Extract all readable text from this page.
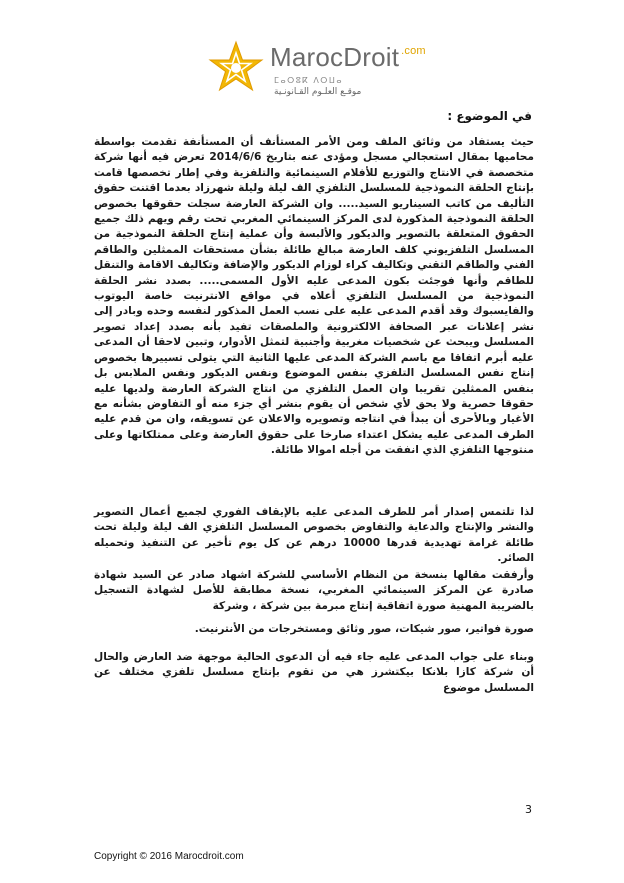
MarocDroit $^{.com}$
ⵎⴰⵔⵓⴽ ⴷⵔⵡⴰ
موقـع العلـوم القـانونـية
في الموضوع :
حيث يستفاد من وثائق الملف ومن الأمر المستأنف أن المستأنفة تقدمت بواسطة محاميها بمقال استعجالي مسجل ومؤدى عنه بتاريخ 2014/6/6 تعرض فيه أنها شركة متخصصة في الانتاج والتوزيع للأفلام السينمائية والتلفزية وفي إطار تخصصها قامت بإنتاج الحلقة النموذجية للمسلسل التلفزي الف ليلة وليلة شهرزاد بعدما اقتنت حقوق التأليف من كاتب السيناريو السيد..... وان الشركة العارضة سجلت حقوقها بخصوص الحلقة النموذجية المذكورة لدى المركز السينمائي المغربي تحت رقم ويهم ذلك جميع الحقوق المتعلقة بالتصوير والديكور والألبسة وأن عملية إنتاج الحلقة النموذجية من المسلسل التلفزيوني كلف العارضة مبالغ طائلة بشأن مستحقات الممثلين والطاقم الفني والطاقم التقني وتكاليف كراء لوزام الديكور والإضافة وتكاليف الاقامة والتنقل للطاقم وأنها فوجئت بكون المدعى عليه الأول المسمى..... بصدد نشر الحلقة النموذجية من المسلسل التلفزي أعلاه في مواقع الانترنيت خاصة اليوتوب والفايسبوك وقد أقدم المدعى عليه على نسب العمل المذكور لنفسه وحده وبادر إلى نشر إعلانات عبر الصحافة الالكترونية والملصقات تفيد بأنه بصدد إعداد تصوير المسلسل ويبحث عن شخصيات مغربية وأجنبية لتمثل الأدوار، وتبين لاحقا أن المدعى عليه أبرم اتفاقا مع باسم الشركة المدعى عليها الثانية التي يتولى تسييرها بخصوص إنتاج نفس المسلسل التلفزي بنفس الموضوع ونفس الديكور ونفس الملابس بل بنفس الممثلين تقريبا وان العمل التلفزي من انتاج الشركة العارضة ولديها عليه حقوقا حصرية ولا يحق لأي شخص أن يقوم بنشر أي جزء منه أو التفاوض بشأنه مع الأغيار وبالأحرى أن يبدأ في انتاجه وتصويره والاعلان عن تسويقه، وان من قدم عليه الطرف المدعى عليه يشكل اعتداء صارخا على حقوق العارضة وعلى ممتلكاتها وعلى منتوجها التلفزي الذي انفقت من أجله اموالا طائلة.
لذا تلتمس إصدار أمر للطرف المدعى عليه بالإيقاف الفوري لجميع أعمال التصوير والنشر والإنتاج والدعاية والتفاوض بخصوص المسلسل التلفزي الف ليلة وليلة تحت طائلة غرامة تهديدية قدرها 10000 درهم عن كل يوم تأخير عن التنفيذ وتحميله الصائر.
وأرفقت مقالها بنسخة من النظام الأساسي للشركة اشهاد صادر عن السيد شهادة صادرة عن المركز السينمائي المغربي، نسخة مطابقة للأصل لشهادة التسجيل بالضريبة المهنية صورة اتفاقية إنتاج مبرمة بين شركة ، وشركة
صورة فواتير، صور شيكات، صور وثائق ومستخرجات من الأنترنيت.
وبناء على جواب المدعى عليه جاء فيه أن الدعوى الحالية موجهة ضد العارض والحال أن شركة كازا بلانكا بيكتشرز هي من تقوم بإنتاج مسلسل تلفزي مختلف عن المسلسل موضوع
3
Copyright © 2016 Marocdroit.com
